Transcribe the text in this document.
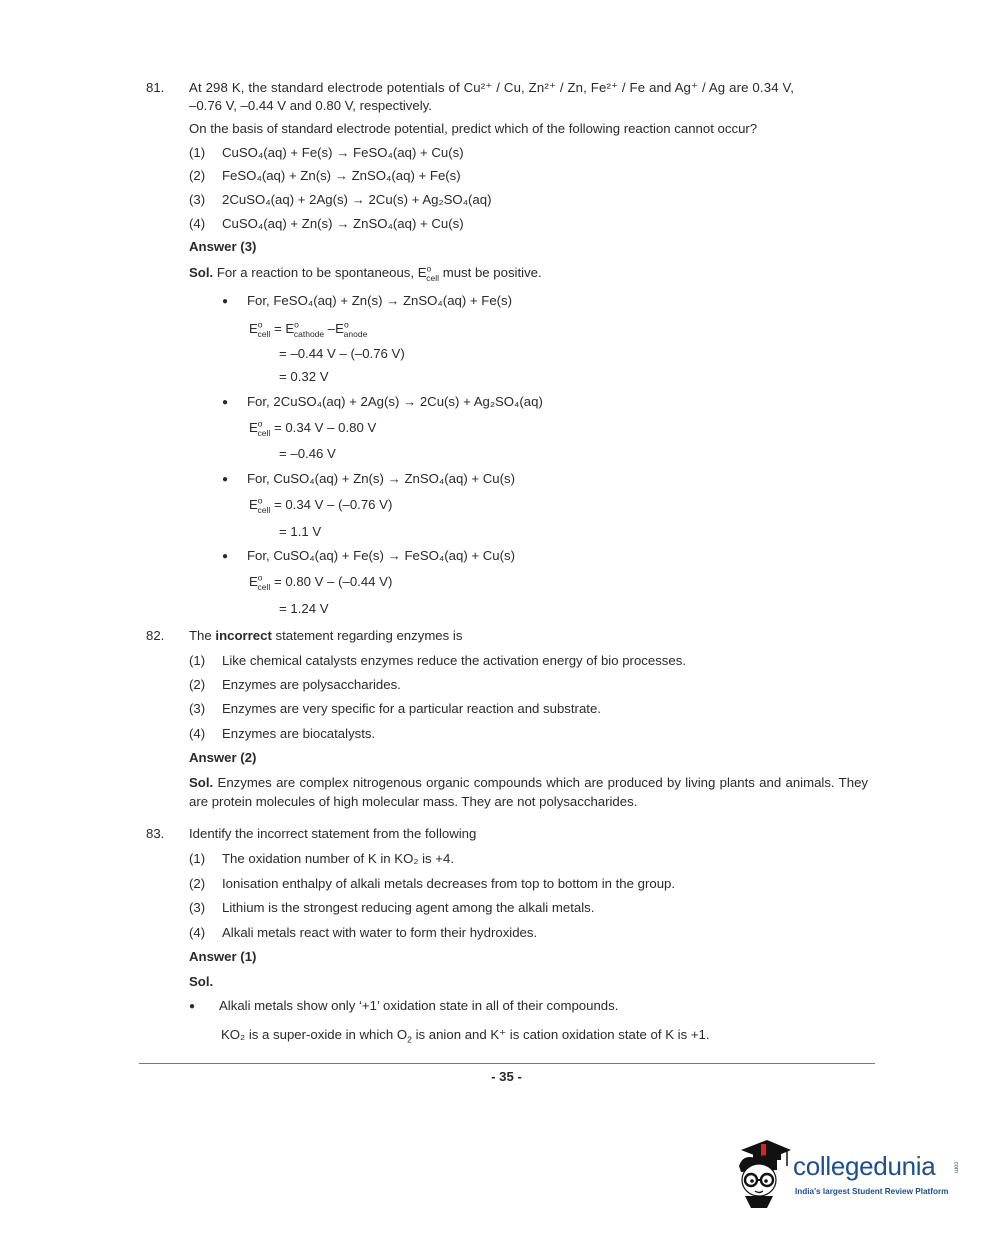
81. At 298 K, the standard electrode potentials of Cu²⁺ / Cu, Zn²⁺ / Zn, Fe²⁺ / Fe and Ag⁺ / Ag are 0.34 V,
–0.76 V, –0.44 V and 0.80 V, respectively.
On the basis of standard electrode potential, predict which of the following reaction cannot occur?
(1) CuSO₄(aq) + Fe(s) → FeSO₄(aq) + Cu(s)
(2) FeSO₄(aq) + Zn(s) → ZnSO₄(aq) + Fe(s)
(3) 2CuSO₄(aq) + 2Ag(s) → 2Cu(s) + Ag₂SO₄(aq)
(4) CuSO₄(aq) + Zn(s) → ZnSO₄(aq) + Cu(s)
Answer (3)
Sol. For a reaction to be spontaneous, $E^o_{cell}$ must be positive.
● For, FeSO₄(aq) + Zn(s) → ZnSO₄(aq) + Fe(s)
$E^o_{cell} = E^o_{cathode}$ $-E^o_{anode}$
= –0.44 V – (–0.76 V)
= 0.32 V
● For, 2CuSO₄(aq) + 2Ag(s) → 2Cu(s) + Ag₂SO₄(aq)
$E^o_{cell} = 0.34$ V – 0.80 V
= –0.46 V
● For, CuSO₄(aq) + Zn(s) → ZnSO₄(aq) + Cu(s)
$E^o_{cell} = 0.34$ V – (–0.76 V)
= 1.1 V
● For, CuSO₄(aq) + Fe(s) → FeSO₄(aq) + Cu(s)
$E^o_{cell} = 0.80$ V – (–0.44 V)
= 1.24 V
82. The incorrect statement regarding enzymes is
(1) Like chemical catalysts enzymes reduce the activation energy of bio processes.
(2) Enzymes are polysaccharides.
(3) Enzymes are very specific for a particular reaction and substrate.
(4) Enzymes are biocatalysts.
Answer (2)
Sol. Enzymes are complex nitrogenous organic compounds which are produced by living plants and animals. They are protein molecules of high molecular mass. They are not polysaccharides.
83. Identify the incorrect statement from the following
(1) The oxidation number of K in KO₂ is +4.
(2) Ionisation enthalpy of alkali metals decreases from top to bottom in the group.
(3) Lithium is the strongest reducing agent among the alkali metals.
(4) Alkali metals react with water to form their hydroxides.
Answer (1)
Sol.
● Alkali metals show only ‘+1’ oxidation state in all of their compounds.
KO₂ is a super-oxide in which $O_2$ is anion and K⁺ is cation oxidation state of K is +1.
- 35 -
collegedunia	.com
India's largest Student Review Platform
